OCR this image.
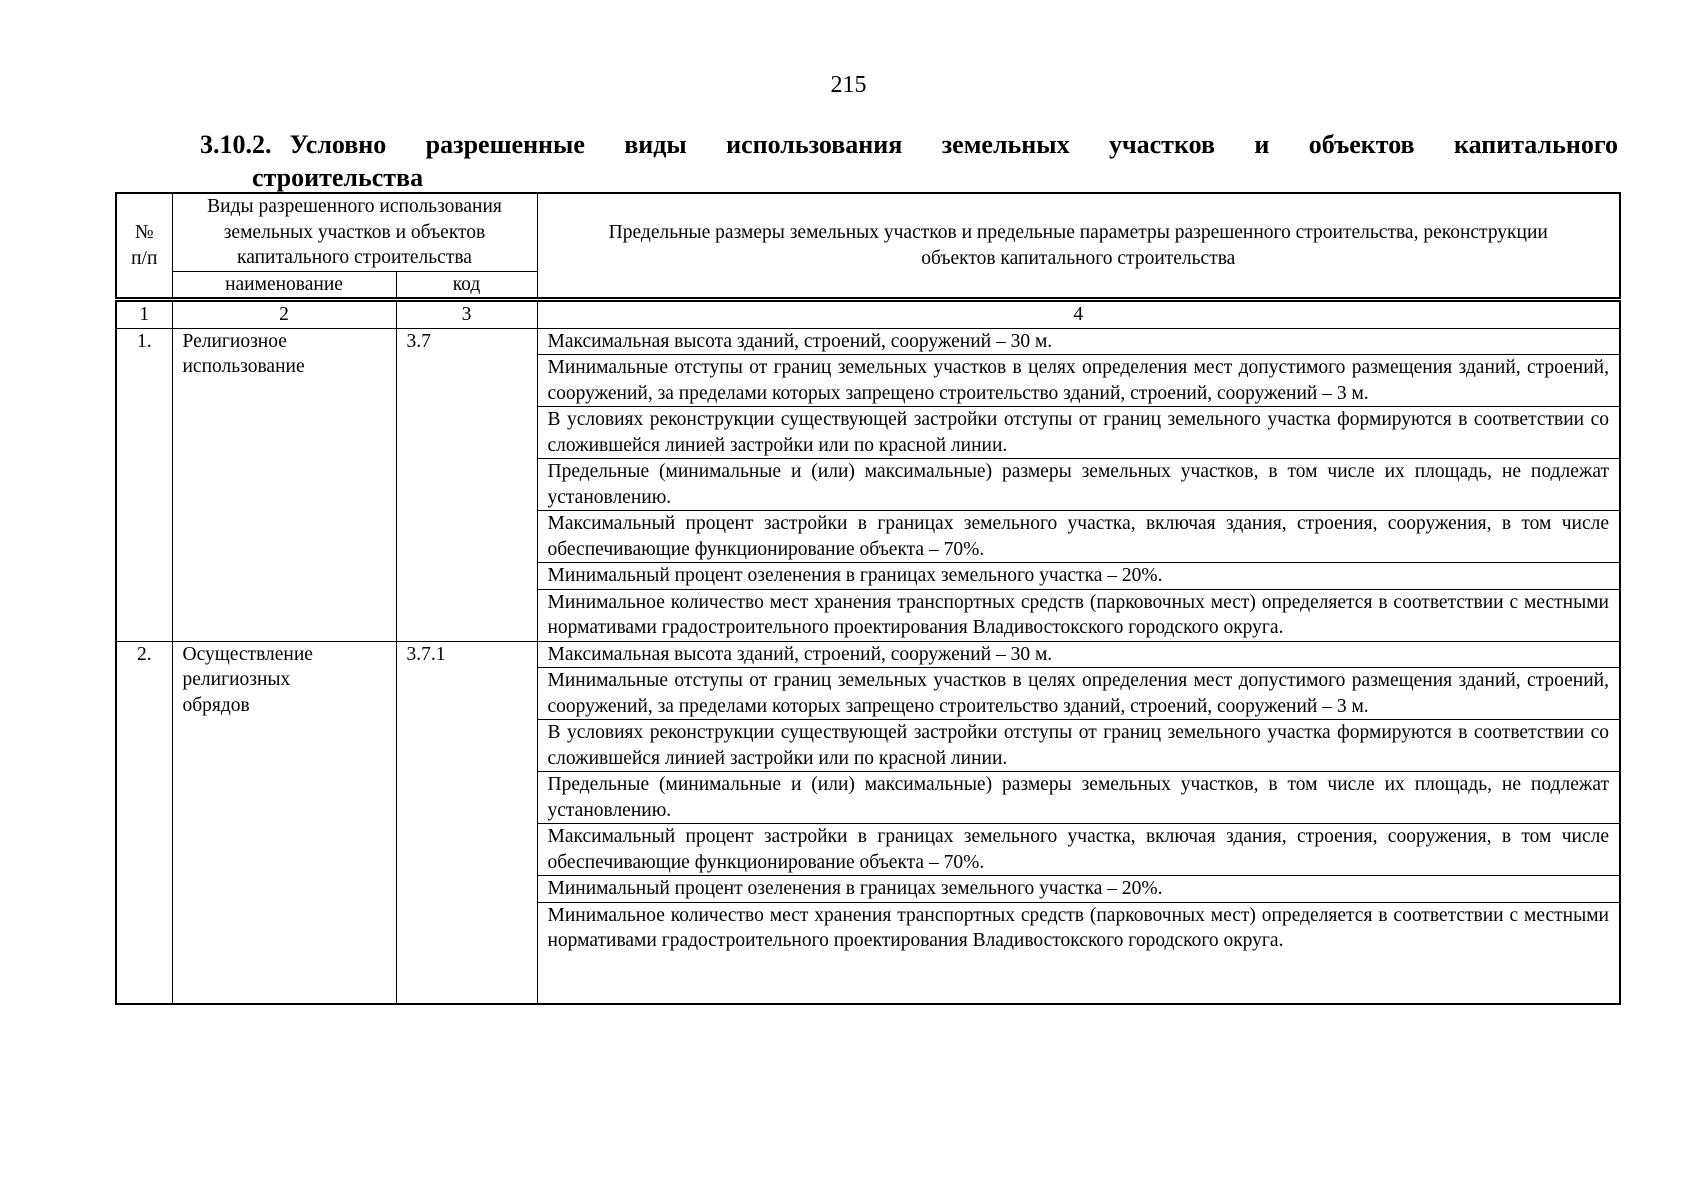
215
3.10.2. Условно разрешенные виды использования земельных участков и объектов капитального
строительства
№ п/п	Виды разрешенного использования земельных участков и объектов капитального строительства		Предельные размеры земельных участков и предельные параметры разрешенного строительства, реконструкции объектов капитального строительства
	наименование	код	
1	2	3	4
1.	Религиозное использование	3.7	Максимальная высота зданий, строений, сооружений – 30 м.
			Минимальные отступы от границ земельных участков в целях определения мест допустимого размещения зданий, строений, сооружений, за пределами которых запрещено строительство зданий, строений, сооружений – 3 м.
			В условиях реконструкции существующей застройки отступы от границ земельного участка формируются в соответствии со сложившейся линией застройки или по красной линии.
			Предельные (минимальные и (или) максимальные) размеры земельных участков, в том числе их площадь, не подлежат установлению.
			Максимальный процент застройки в границах земельного участка, включая здания, строения, сооружения, в том числе обеспечивающие функционирование объекта – 70%.
			Минимальный процент озеленения в границах земельного участка – 20%.
			Минимальное количество мест хранения транспортных средств (парковочных мест) определяется в соответствии с местными нормативами градостроительного проектирования Владивостокского городского округа.
2.	Осуществление религиозных обрядов	3.7.1	Максимальная высота зданий, строений, сооружений – 30 м.
			Минимальные отступы от границ земельных участков в целях определения мест допустимого размещения зданий, строений, сооружений, за пределами которых запрещено строительство зданий, строений, сооружений – 3 м.
			В условиях реконструкции существующей застройки отступы от границ земельного участка формируются в соответствии со сложившейся линией застройки или по красной линии.
			Предельные (минимальные и (или) максимальные) размеры земельных участков, в том числе их площадь, не подлежат установлению.
			Максимальный процент застройки в границах земельного участка, включая здания, строения, сооружения, в том числе обеспечивающие функционирование объекта – 70%.
			Минимальный процент озеленения в границах земельного участка – 20%.
			Минимальное количество мест хранения транспортных средств (парковочных мест) определяется в соответствии с местными нормативами градостроительного проектирования Владивостокского городского округа.
